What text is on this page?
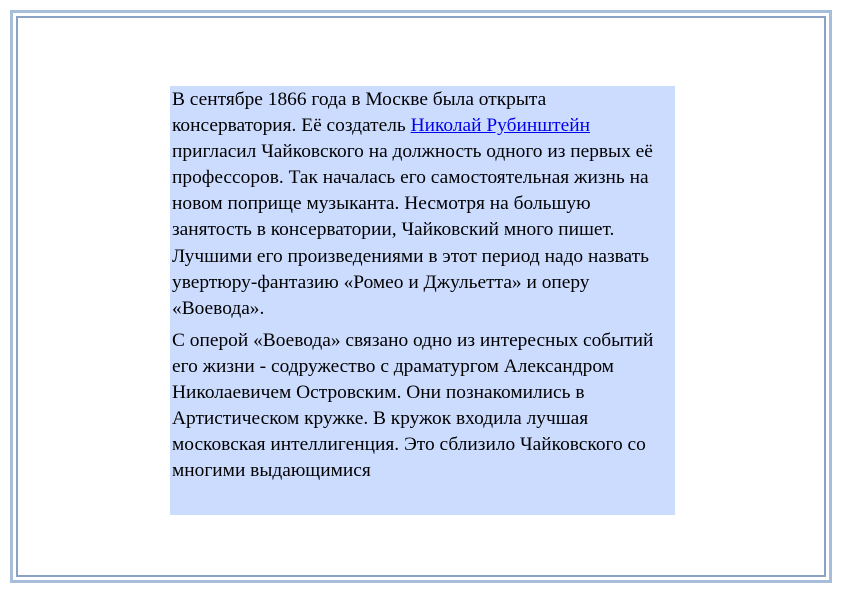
В сентябре 1866 года в Москве была открыта консерватория. Её создатель Николай Рубинштейн пригласил Чайковского на должность одного из первых её профессоров. Так началась его самостоятельная жизнь на новом поприще музыканта. Несмотря на большую занятость в консерватории, Чайковский много пишет. Лучшими его произведениями в этот период надо назвать увертюру-фантазию «Ромео и Джульетта» и оперу «Воевода».

С оперой «Воевода» связано одно из интересных событий его жизни - содружество с драматургом Александром Николаевичем Островским. Они познакомились в Артистическом кружке. В кружок входила лучшая московская интеллигенция. Это сблизило Чайковского со многими выдающимися
